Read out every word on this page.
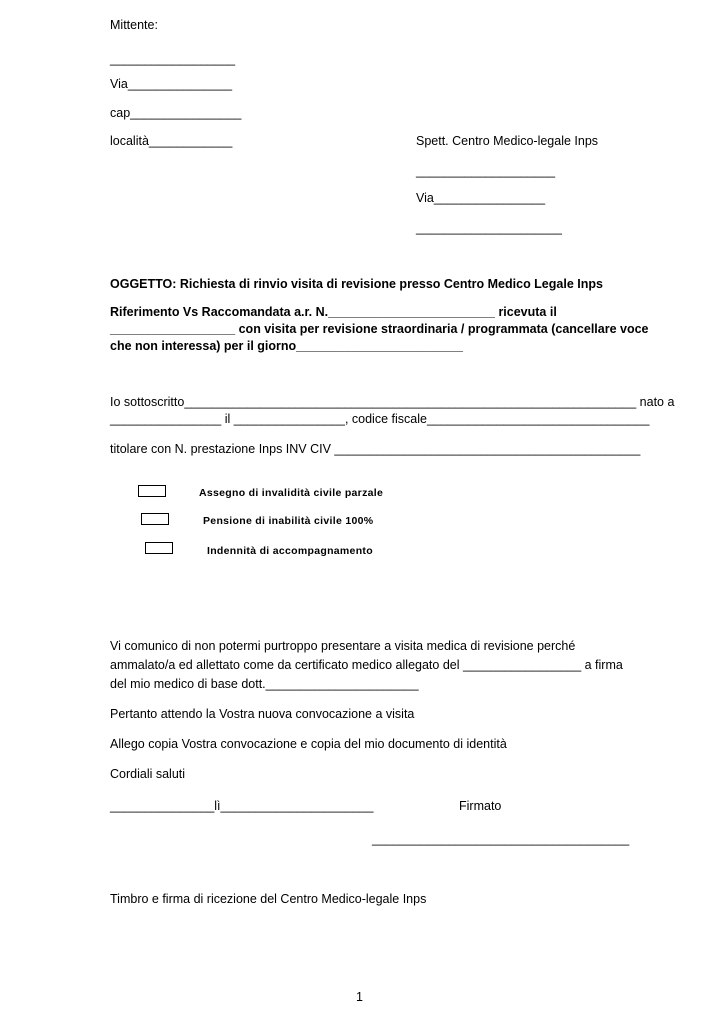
Mittente:
__________________
Via_______________
cap________________
località____________	Spett. Centro Medico-legale Inps
____________________
Via________________
_____________________
OGGETTO: Richiesta di rinvio visita di revisione presso Centro Medico Legale Inps
Riferimento Vs Raccomandata a.r. N.________________________ ricevuta il
__________________ con visita per revisione straordinaria / programmata (cancellare voce
che non interessa) per il giorno________________________
Io sottoscritto_________________________________________________________________ nato a
________________ il ________________, codice fiscale________________________________
titolare con N. prestazione Inps INV CIV ____________________________________________
Assegno di invalidità civile parzale
Pensione di inabilità civile 100%
Indennità di accompagnamento
Vi comunico di non potermi purtroppo presentare a visita medica di revisione perché
ammalato/a ed allettato come da certificato medico allegato del _________________ a firma
del mio medico di base dott.______________________
Pertanto attendo la Vostra nuova convocazione a visita
Allego copia Vostra convocazione e copia del mio documento di identità
Cordiali saluti
_______________lì______________________	Firmato
_____________________________________
Timbro e firma di ricezione del Centro Medico-legale Inps
1
